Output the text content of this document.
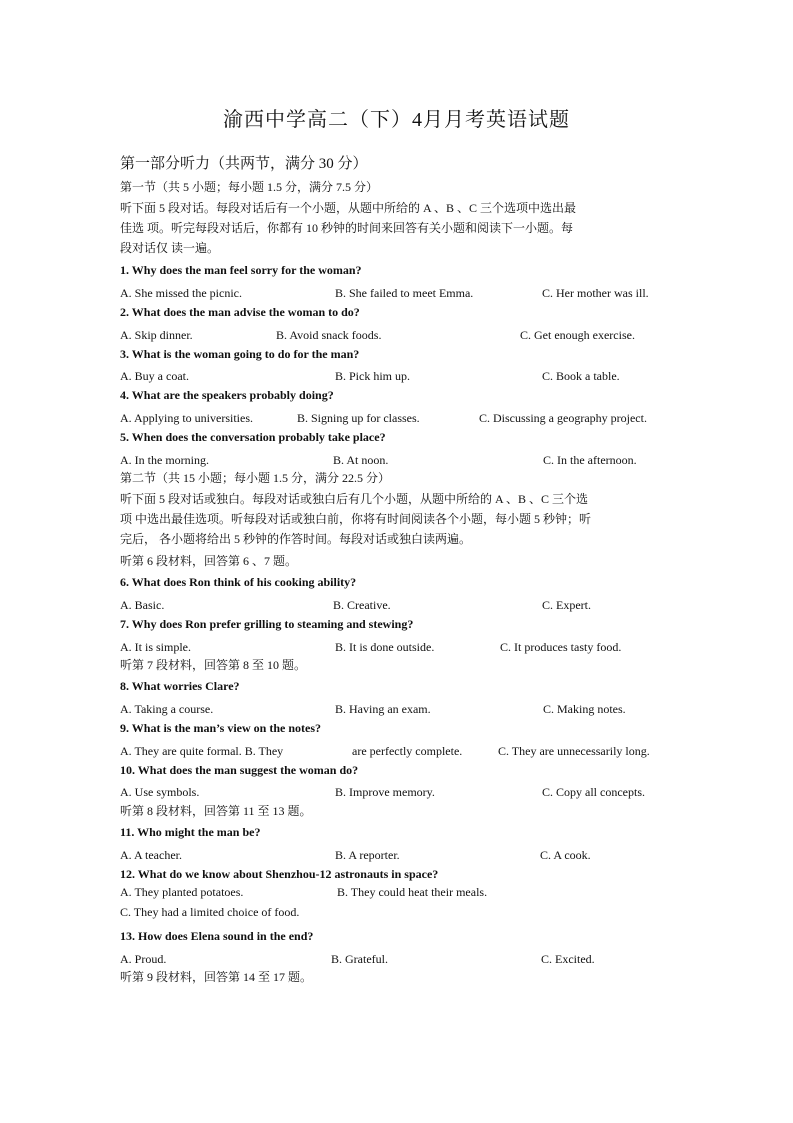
渝西中学高二（下）4月月考英语试题
第一部分听力（共两节，满分 30 分）
第一节（共 5 小题；每小题 1.5 分，满分 7.5 分）
听下面 5 段对话。每段对话后有一个小题，从题中所给的 A 、B 、C 三个选项中选出最
佳选 项。听完每段对话后，你都有 10 秒钟的时间来回答有关小题和阅读下一小题。每
段对话仅 读一遍。
1. Why does the man feel sorry for the woman?
A. She missed the picnic.	B. She failed to meet Emma.	C. Her mother was ill.
2. What does the man advise the woman to do?
A. Skip dinner.	B. Avoid snack foods.	C. Get enough exercise.
3. What is the woman going to do for the man?
A. Buy a coat.	B. Pick him up.	C. Book a table.
4. What are the speakers probably doing?
A. Applying to universities.	B. Signing up for classes.	C. Discussing a geography project.
5. When does the conversation probably take place?
A. In the morning.	B. At noon.	C. In the afternoon.
第二节（共 15 小题；每小题 1.5 分，满分 22.5 分）
听下面 5 段对话或独白。每段对话或独白后有几个小题，从题中所给的 A 、B 、C 三个选
项 中选出最佳选项。听每段对话或独白前，你将有时间阅读各个小题，每小题 5 秒钟；听
完后， 各小题将给出 5 秒钟的作答时间。每段对话或独白读两遍。
听第 6 段材料，回答第 6 、7 题。
6. What does Ron think of his cooking ability?
A. Basic.	B. Creative.	C. Expert.
7. Why does Ron prefer grilling to steaming and stewing?
A. It is simple.	B. It is done outside.	C. It produces tasty food.
听第 7 段材料，回答第 8 至 10 题。
8. What worries Clare?
A. Taking a course.	B. Having an exam.	C. Making notes.
9. What is the man’s view on the notes?
A. They are quite formal. B. They	are perfectly complete.	C. They are unnecessarily long.
10. What does the man suggest the woman do?
A. Use symbols.	B. Improve memory.	C. Copy all concepts.
听第 8 段材料，回答第 11 至 13 题。
11. Who might the man be?
A. A teacher.	B. A reporter.	C. A cook.
12. What do we know about Shenzhou-12 astronauts in space?
A. They planted potatoes.	B. They could heat their meals.
C. They had a limited choice of food.
13. How does Elena sound in the end?
A. Proud.	B. Grateful.	C. Excited.
听第 9 段材料，回答第 14 至 17 题。
